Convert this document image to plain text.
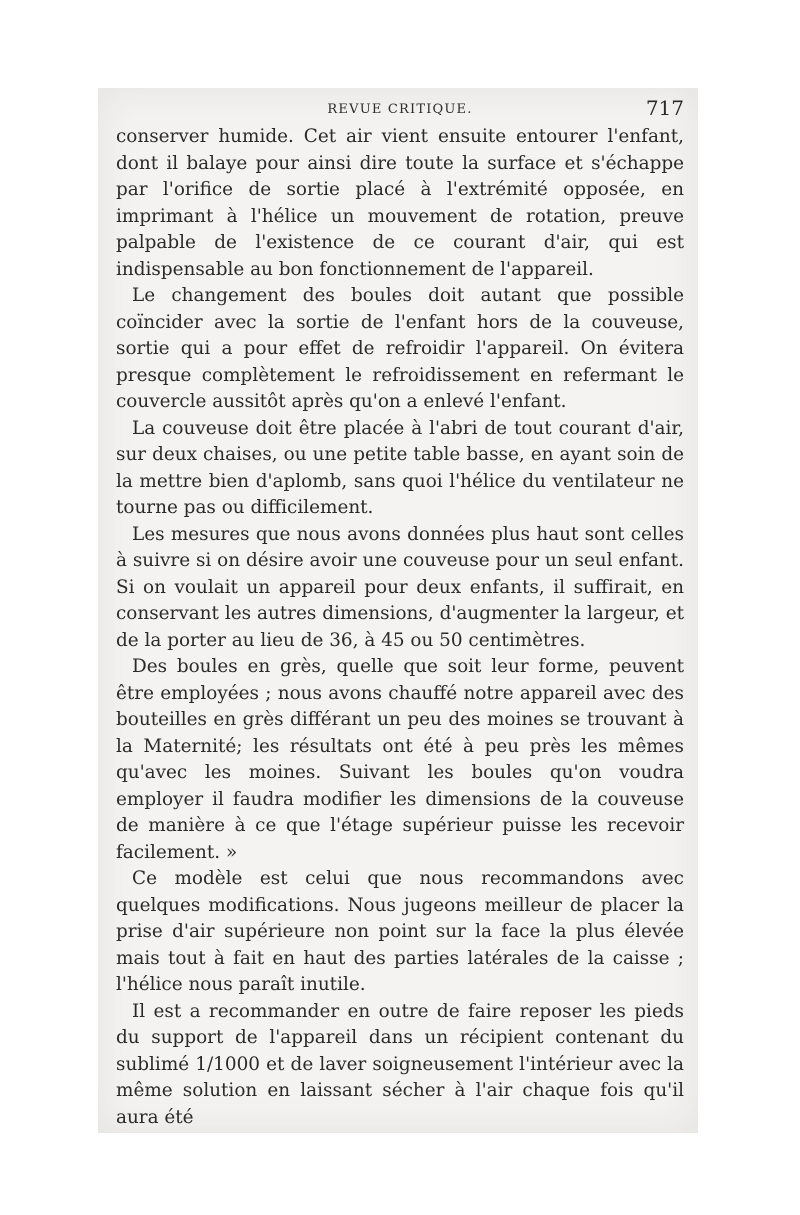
REVUE CRITIQUE.	717

conserver humide. Cet air vient ensuite entourer l'enfant, dont il balaye pour ainsi dire toute la surface et s'échappe par l'orifice de sortie placé à l'extrémité opposée, en imprimant à l'hélice un mouvement de rotation, preuve palpable de l'existence de ce courant d'air, qui est indispensable au bon fonctionnement de l'appareil.

Le changement des boules doit autant que possible coïncider avec la sortie de l'enfant hors de la couveuse, sortie qui a pour effet de refroidir l'appareil. On évitera presque complètement le refroidissement en refermant le couvercle aussitôt après qu'on a enlevé l'enfant.

La couveuse doit être placée à l'abri de tout courant d'air, sur deux chaises, ou une petite table basse, en ayant soin de la mettre bien d'aplomb, sans quoi l'hélice du ventilateur ne tourne pas ou difficilement.

Les mesures que nous avons données plus haut sont celles à suivre si on désire avoir une couveuse pour un seul enfant. Si on voulait un appareil pour deux enfants, il suffirait, en conservant les autres dimensions, d'augmenter la largeur, et de la porter au lieu de 36, à 45 ou 50 centimètres.

Des boules en grès, quelle que soit leur forme, peuvent être employées ; nous avons chauffé notre appareil avec des bouteilles en grès différant un peu des moines se trouvant à la Maternité; les résultats ont été à peu près les mêmes qu'avec les moines. Suivant les boules qu'on voudra employer il faudra modifier les dimensions de la couveuse de manière à ce que l'étage supérieur puisse les recevoir facilement. »

Ce modèle est celui que nous recommandons avec quelques modifications. Nous jugeons meilleur de placer la prise d'air supérieure non point sur la face la plus élevée mais tout à fait en haut des parties latérales de la caisse ; l'hélice nous paraît inutile.

Il est a recommander en outre de faire reposer les pieds du support de l'appareil dans un récipient contenant du sublimé 1/1000 et de laver soigneusement l'intérieur avec la même solution en laissant sécher à l'air chaque fois qu'il aura été
